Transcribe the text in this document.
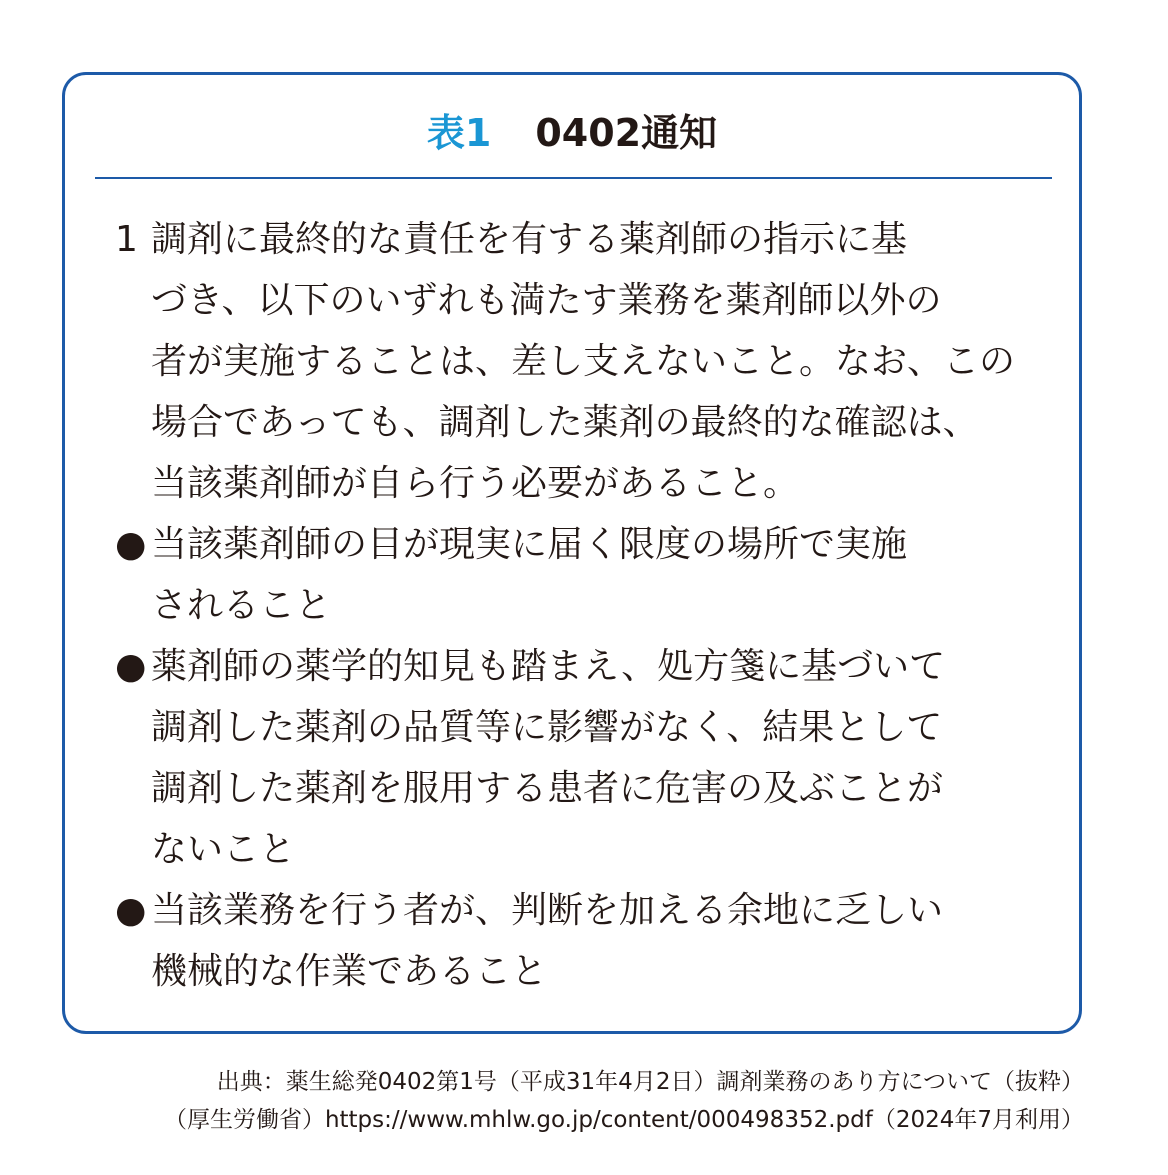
表1 0402通知
1 調剤に最終的な責任を有する薬剤師の指示に基
づき、以下のいずれも満たす業務を薬剤師以外の
者が実施することは、差し支えないこと。なお、この
場合であっても、調剤した薬剤の最終的な確認は、
当該薬剤師が自ら行う必要があること。
● 当該薬剤師の目が現実に届く限度の場所で実施
されること
● 薬剤師の薬学的知見も踏まえ、処方箋に基づいて
調剤した薬剤の品質等に影響がなく、結果として
調剤した薬剤を服用する患者に危害の及ぶことが
ないこと
● 当該業務を行う者が、判断を加える余地に乏しい
機械的な作業であること
出典：薬生総発0402第1号（平成31年4月2日）調剤業務のあり方について（抜粋）
（厚生労働省）https://www.mhlw.go.jp/content/000498352.pdf（2024年7月利用）
